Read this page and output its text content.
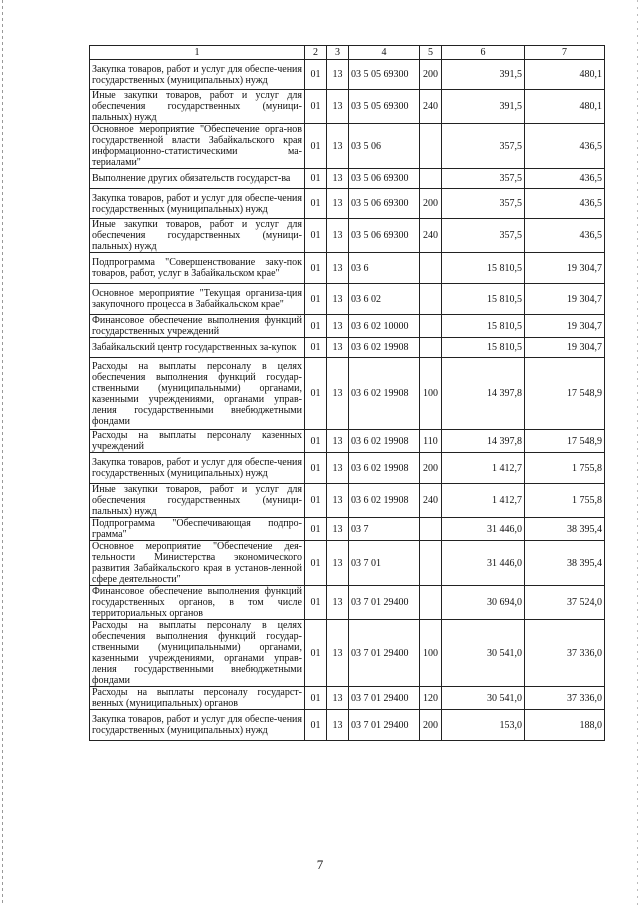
1	2	3	4	5	6	7
Закупка товаров, работ и услуг для обеспе-чения государственных (муниципальных) нужд	01	13	03 5 05 69300	200	391,5	480,1
Иные закупки товаров, работ и услуг для обеспечения государственных (муници-пальных) нужд	01	13	03 5 05 69300	240	391,5	480,1
Основное мероприятие "Обеспечение орга-нов государственной власти Забайкальского края информационно-статистическими ма-териалами"	01	13	03 5 06		357,5	436,5
Выполнение других обязательств государст-ва	01	13	03 5 06 69300		357,5	436,5
Закупка товаров, работ и услуг для обеспе-чения государственных (муниципальных) нужд	01	13	03 5 06 69300	200	357,5	436,5
Иные закупки товаров, работ и услуг для обеспечения государственных (муници-пальных) нужд	01	13	03 5 06 69300	240	357,5	436,5
Подпрограмма "Совершенствование заку-пок товаров, работ, услуг в Забайкальском крае"	01	13	03 6		15 810,5	19 304,7
Основное мероприятие "Текущая организа-ция закупочного процесса в Забайкальском крае"	01	13	03 6 02		15 810,5	19 304,7
Финансовое обеспечение выполнения функций государственных учреждений	01	13	03 6 02 10000		15 810,5	19 304,7
Забайкальский центр государственных за-купок	01	13	03 6 02 19908		15 810,5	19 304,7
Расходы на выплаты персоналу в целях обеспечения выполнения функций государ-ственными (муниципальными) органами, казенными учреждениями, органами управ-ления государственными внебюджетными фондами	01	13	03 6 02 19908	100	14 397,8	17 548,9
Расходы на выплаты персоналу казенных учреждений	01	13	03 6 02 19908	110	14 397,8	17 548,9
Закупка товаров, работ и услуг для обеспе-чения государственных (муниципальных) нужд	01	13	03 6 02 19908	200	1 412,7	1 755,8
Иные закупки товаров, работ и услуг для обеспечения государственных (муници-пальных) нужд	01	13	03 6 02 19908	240	1 412,7	1 755,8
Подпрограмма "Обеспечивающая подпро-грамма"	01	13	03 7		31 446,0	38 395,4
Основное мероприятие "Обеспечение дея-тельности Министерства экономического развития Забайкальского края в установ-ленной сфере деятельности"	01	13	03 7 01		31 446,0	38 395,4
Финансовое обеспечение выполнения функций государственных органов, в том числе территориальных органов	01	13	03 7 01 29400		30 694,0	37 524,0
Расходы на выплаты персоналу в целях обеспечения выполнения функций государ-ственными (муниципальными) органами, казенными учреждениями, органами управ-ления государственными внебюджетными фондами	01	13	03 7 01 29400	100	30 541,0	37 336,0
Расходы на выплаты персоналу государст-венных (муниципальных) органов	01	13	03 7 01 29400	120	30 541,0	37 336,0
Закупка товаров, работ и услуг для обеспе-чения государственных (муниципальных) нужд	01	13	03 7 01 29400	200	153,0	188,0
7
